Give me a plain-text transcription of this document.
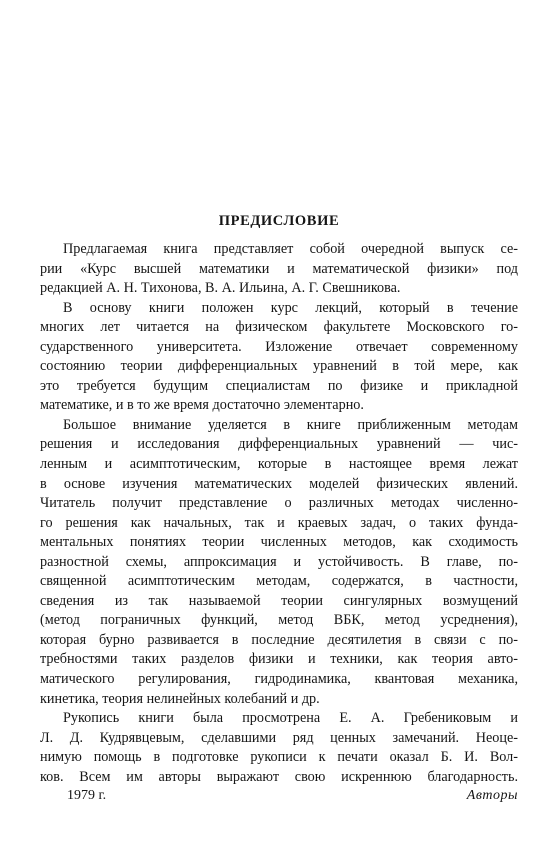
ПРЕДИСЛОВИЕ
Предлагаемая книга представляет собой очередной выпуск се-
рии «Курс высшей математики и математической физики» под
редакцией А. Н. Тихонова, В. А. Ильина, А. Г. Свешникова.
В основу книги положен курс лекций, который в течение
многих лет читается на физическом факультете Московского го-
сударственного университета. Изложение отвечает современному
состоянию теории дифференциальных уравнений в той мере, как
это требуется будущим специалистам по физике и прикладной
математике, и в то же время достаточно элементарно.
Большое внимание уделяется в книге приближенным методам
решения и исследования дифференциальных уравнений — чис-
ленным и асимптотическим, которые в настоящее время лежат
в основе изучения математических моделей физических явлений.
Читатель получит представление о различных методах численно-
го решения как начальных, так и краевых задач, о таких фунда-
ментальных понятиях теории численных методов, как сходимость
разностной схемы, аппроксимация и устойчивость. В главе, по-
священной асимптотическим методам, содержатся, в частности,
сведения из так называемой теории сингулярных возмущений
(метод пограничных функций, метод ВБК, метод усреднения),
которая бурно развивается в последние десятилетия в связи с по-
требностями таких разделов физики и техники, как теория авто-
матического регулирования, гидродинамика, квантовая механика,
кинетика, теория нелинейных колебаний и др.
Рукопись книги была просмотрена Е. А. Гребениковым и
Л. Д. Кудрявцевым, сделавшими ряд ценных замечаний. Неоце-
нимую помощь в подготовке рукописи к печати оказал Б. И. Вол-
ков. Всем им авторы выражают свою искреннюю благодарность.
1979 г.	Авторы
